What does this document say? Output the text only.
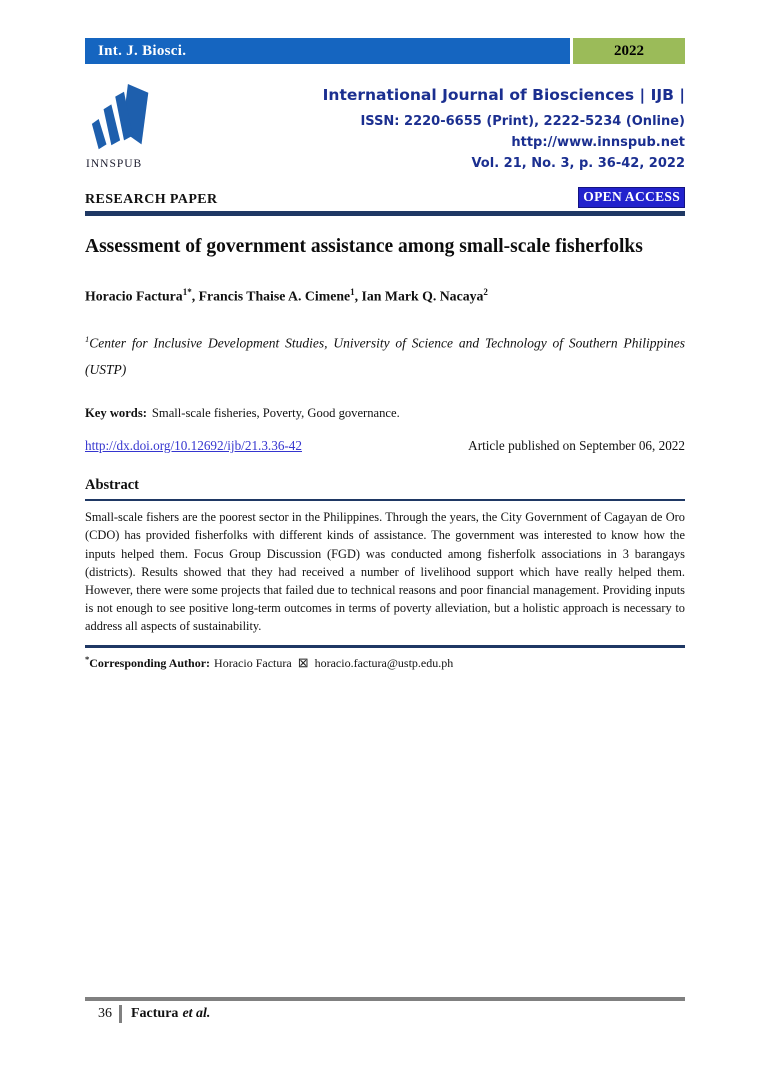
Int. J. Biosci.	2022
INNSPUB
International Journal of Biosciences | IJB |
ISSN: 2220-6655 (Print), 2222-5234 (Online)
http://www.innspub.net
Vol. 21, No. 3, p. 36-42, 2022
RESEARCH PAPER	OPEN ACCESS
Assessment of government assistance among small-scale fisherfolks
Horacio Factura$^{1*}$, Francis Thaise A. Cimene$^1$, Ian Mark Q. Nacaya$^2$
$^1$Center for Inclusive Development Studies, University of Science and Technology of Southern Philippines (USTP)
Key words: Small-scale fisheries, Poverty, Good governance.
http://dx.doi.org/10.12692/ijb/21.3.36-42	Article published on September 06, 2022
Abstract

Small-scale fishers are the poorest sector in the Philippines. Through the years, the City Government of Cagayan de Oro (CDO) has provided fisherfolks with different kinds of assistance. The government was interested to know how the inputs helped them. Focus Group Discussion (FGD) was conducted among fisherfolk associations in 3 barangays (districts). Results showed that they had received a number of livelihood support which have really helped them. However, there were some projects that failed due to technical reasons and poor financial management. Providing inputs is not enough to see positive long-term outcomes in terms of poverty alleviation, but a holistic approach is necessary to address all aspects of sustainability.

*Corresponding Author: Horacio Factura ⊠ horacio.factura@ustp.edu.ph
36 Factura et al.
